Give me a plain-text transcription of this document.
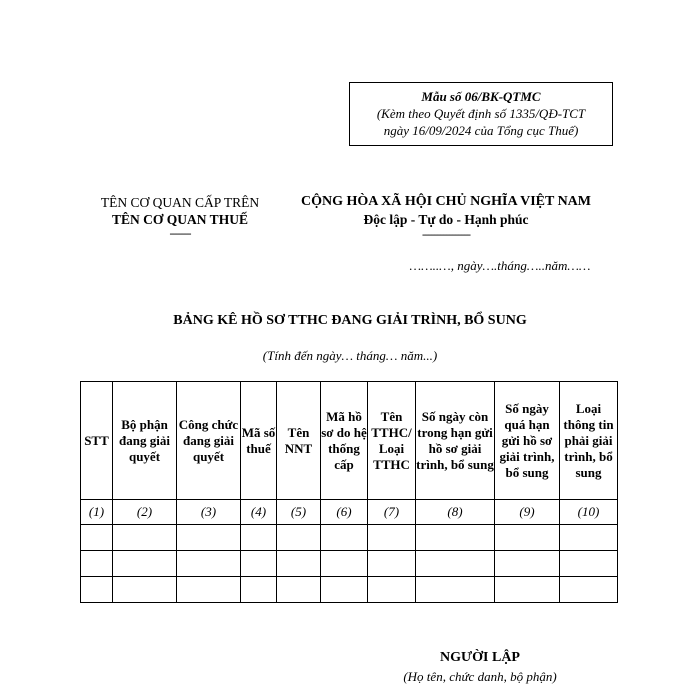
Mẫu số 06/BK-QTMC
(Kèm theo Quyết định số 1335/QĐ-TCT
ngày 16/09/2024 của Tổng cục Thuế)
TÊN CƠ QUAN CẤP TRÊN
TÊN CƠ QUAN THUẾ
-------
CỘNG HÒA XÃ HỘI CHỦ NGHĨA VIỆT NAM
Độc lập - Tự do - Hạnh phúc
----------------
……..…, ngày….tháng…..năm……
BẢNG KÊ HỒ SƠ TTHC ĐANG GIẢI TRÌNH, BỔ SUNG
(Tính đến ngày… tháng… năm...)
STT	Bộ phận đang giải quyết	Công chức đang giải quyết	Mã số thuế	Tên NNT	Mã hồ sơ do hệ thống cấp	Tên TTHC/ Loại TTHC	Số ngày còn trong hạn gửi hồ sơ giải trình, bổ sung	Số ngày quá hạn gửi hồ sơ giải trình, bổ sung	Loại thông tin phải giải trình, bổ sung
(1)	(2)	(3)	(4)	(5)	(6)	(7)	(8)	(9)	(10)

NGƯỜI LẬP
(Họ tên, chức danh, bộ phận)
